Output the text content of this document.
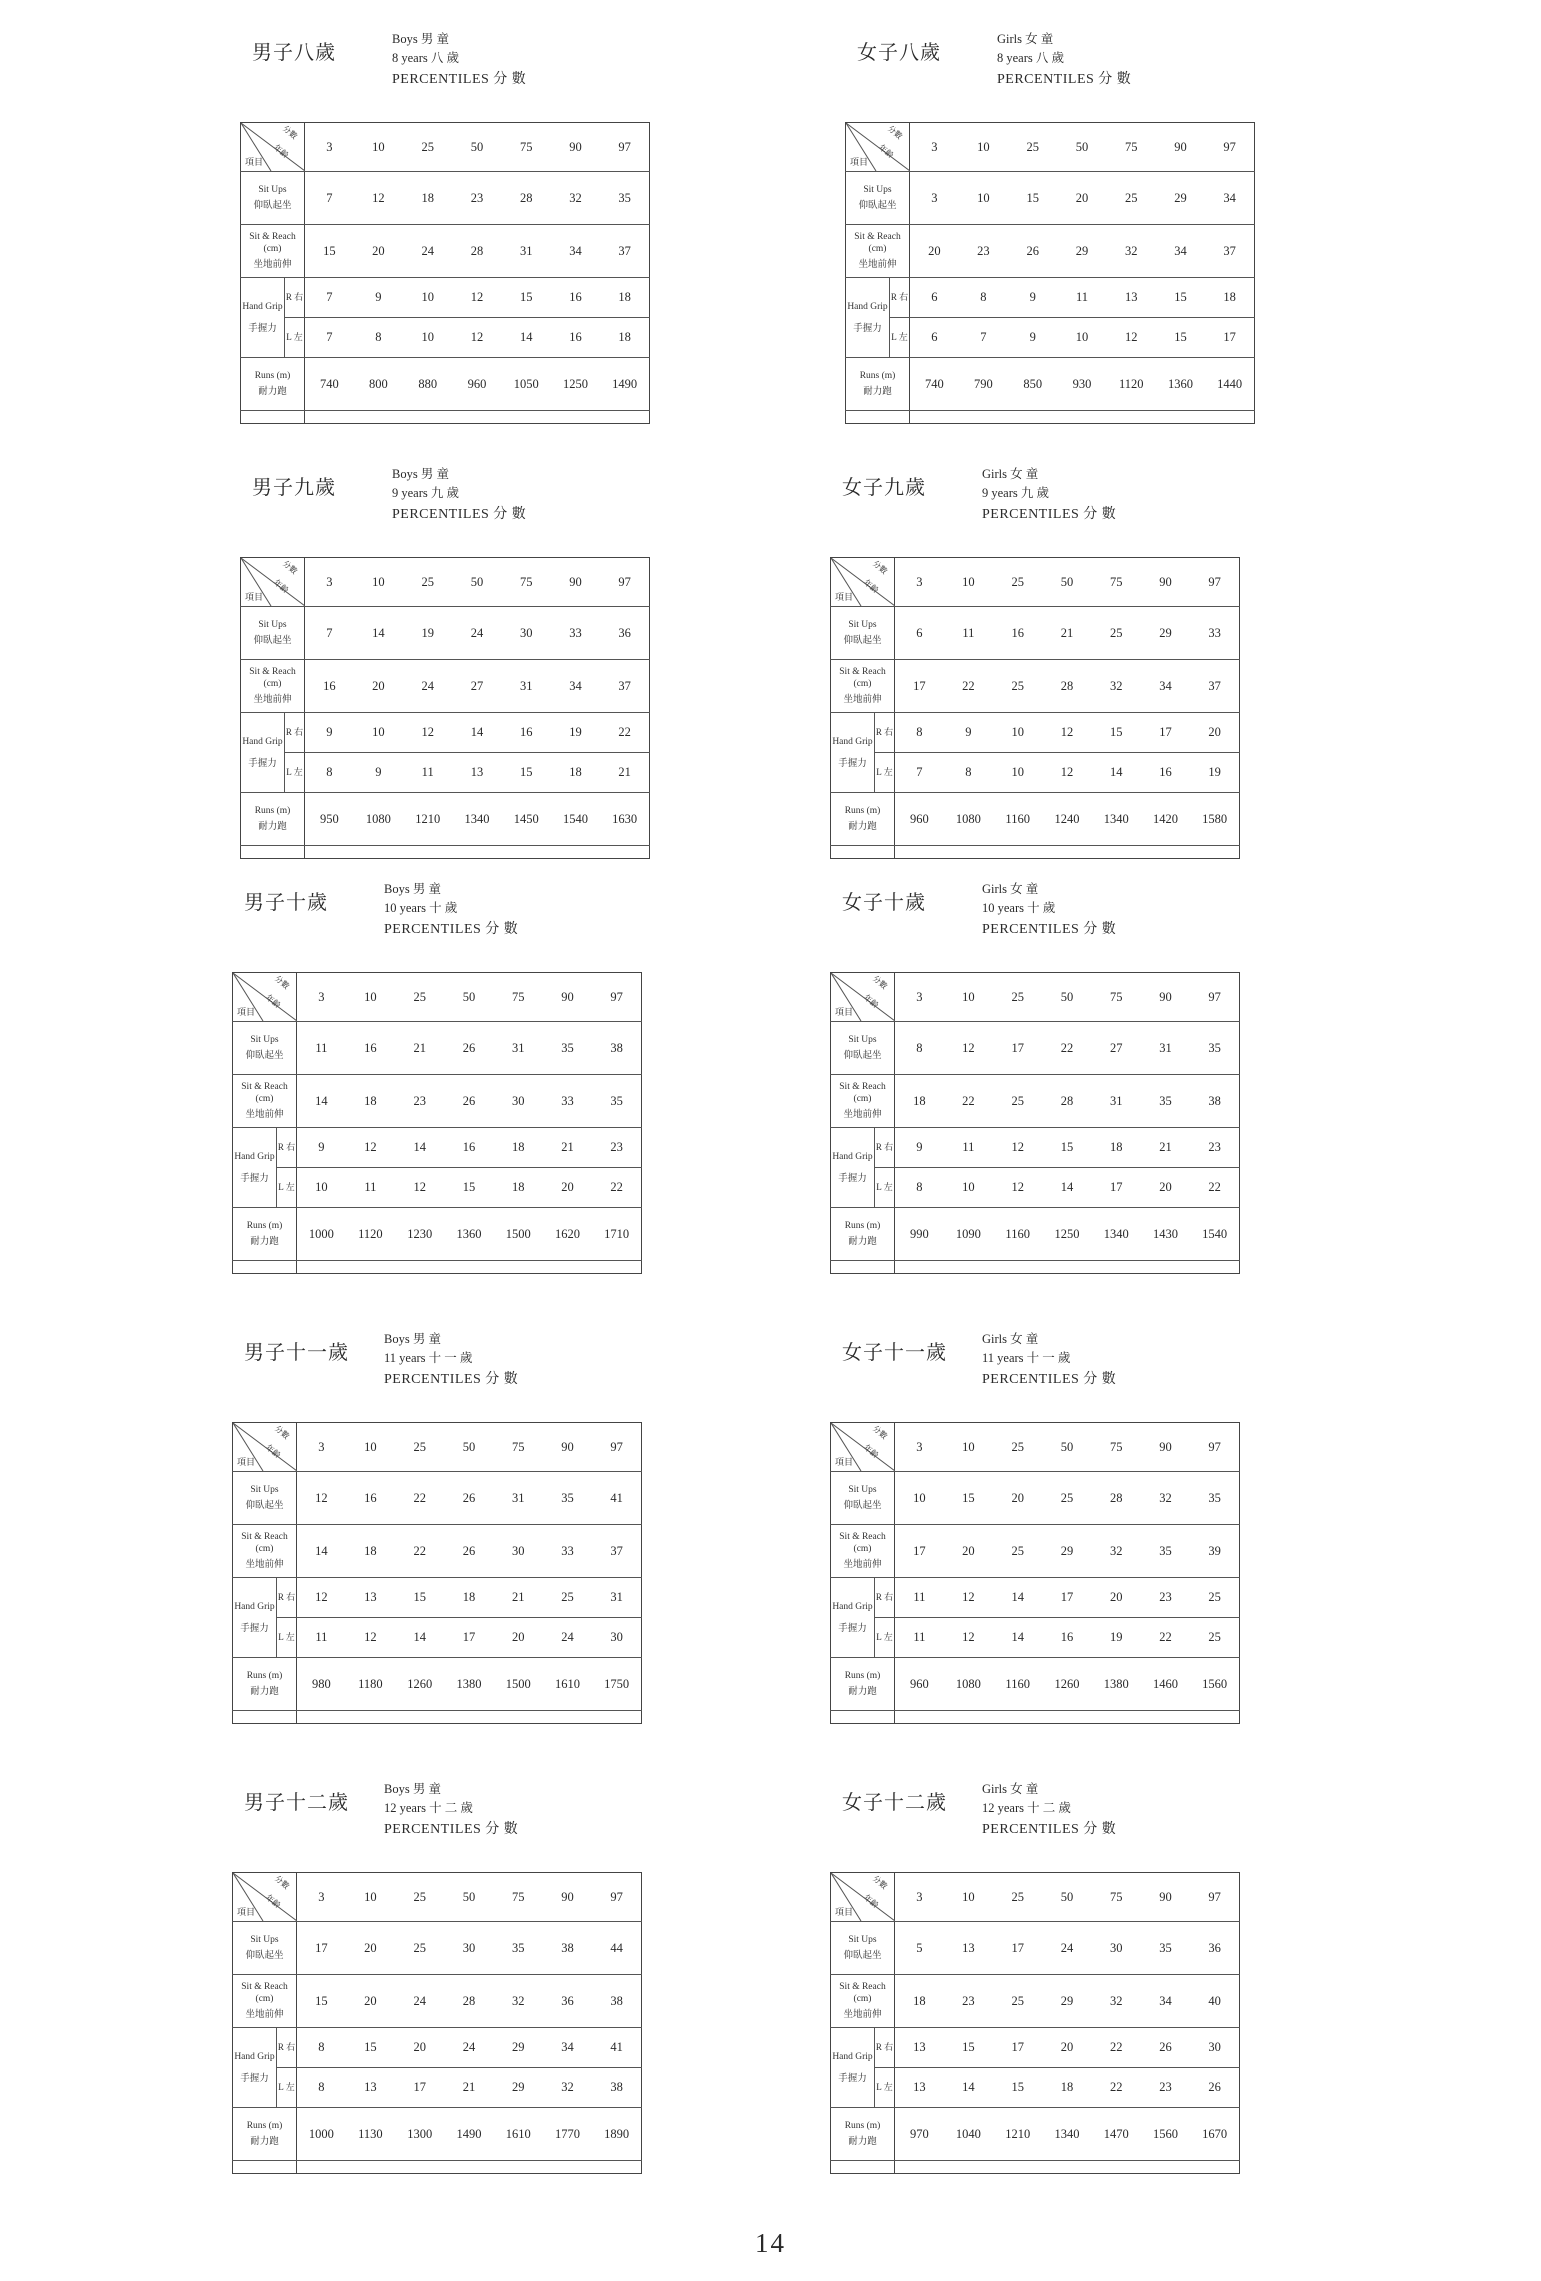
男子八歲
Boys 男 童
8 years 八 歲
PERCENTILES 分 數
分數
年齡
項目		3	10	25	50	75	90	97

Sit Ups
仰臥起坐		7	12	18	23	28	32	35

Sit & Reach (cm)
坐地前伸		15	20	24	28	31	34	37

Hand Grip
手握力	R 右	7	9	10	12	15	16	18
	L 左	7	8	10	12	14	16	18

Runs (m)
耐力跑		740	800	880	960	1050	1250	1490

女子八歲
Girls 女 童
8 years 八 歲
PERCENTILES 分 數
分數
年齡
項目		3	10	25	50	75	90	97

Sit Ups
仰臥起坐		3	10	15	20	25	29	34

Sit & Reach (cm)
坐地前伸		20	23	26	29	32	34	37

Hand Grip
手握力	R 右	6	8	9	11	13	15	18
	L 左	6	7	9	10	12	15	17

Runs (m)
耐力跑		740	790	850	930	1120	1360	1440

男子九歲
Boys 男 童
9 years 九 歲
PERCENTILES 分 數
分數
年齡
項目		3	10	25	50	75	90	97

Sit Ups
仰臥起坐		7	14	19	24	30	33	36

Sit & Reach (cm)
坐地前伸		16	20	24	27	31	34	37

Hand Grip
手握力	R 右	9	10	12	14	16	19	22
	L 左	8	9	11	13	15	18	21

Runs (m)
耐力跑		950	1080	1210	1340	1450	1540	1630

女子九歲
Girls 女 童
9 years 九 歲
PERCENTILES 分 數
分數
年齡
項目		3	10	25	50	75	90	97

Sit Ups
仰臥起坐		6	11	16	21	25	29	33

Sit & Reach (cm)
坐地前伸		17	22	25	28	32	34	37

Hand Grip
手握力	R 右	8	9	10	12	15	17	20
	L 左	7	8	10	12	14	16	19

Runs (m)
耐力跑		960	1080	1160	1240	1340	1420	1580

男子十歲
Boys 男 童
10 years 十 歲
PERCENTILES 分 數
分數
年齡
項目		3	10	25	50	75	90	97

Sit Ups
仰臥起坐		11	16	21	26	31	35	38

Sit & Reach (cm)
坐地前伸		14	18	23	26	30	33	35

Hand Grip
手握力	R 右	9	12	14	16	18	21	23
	L 左	10	11	12	15	18	20	22

Runs (m)
耐力跑		1000	1120	1230	1360	1500	1620	1710

女子十歲
Girls 女 童
10 years 十 歲
PERCENTILES 分 數
分數
年齡
項目		3	10	25	50	75	90	97

Sit Ups
仰臥起坐		8	12	17	22	27	31	35

Sit & Reach (cm)
坐地前伸		18	22	25	28	31	35	38

Hand Grip
手握力	R 右	9	11	12	15	18	21	23
	L 左	8	10	12	14	17	20	22

Runs (m)
耐力跑		990	1090	1160	1250	1340	1430	1540

男子十一歲
Boys 男 童
11 years 十 一 歲
PERCENTILES 分 數
分數
年齡
項目		3	10	25	50	75	90	97

Sit Ups
仰臥起坐		12	16	22	26	31	35	41

Sit & Reach (cm)
坐地前伸		14	18	22	26	30	33	37

Hand Grip
手握力	R 右	12	13	15	18	21	25	31
	L 左	11	12	14	17	20	24	30

Runs (m)
耐力跑		980	1180	1260	1380	1500	1610	1750

女子十一歲
Girls 女 童
11 years 十 一 歲
PERCENTILES 分 數
分數
年齡
項目		3	10	25	50	75	90	97

Sit Ups
仰臥起坐		10	15	20	25	28	32	35

Sit & Reach (cm)
坐地前伸		17	20	25	29	32	35	39

Hand Grip
手握力	R 右	11	12	14	17	20	23	25
	L 左	11	12	14	16	19	22	25

Runs (m)
耐力跑		960	1080	1160	1260	1380	1460	1560

男子十二歲
Boys 男 童
12 years 十 二 歲
PERCENTILES 分 數
分數
年齡
項目		3	10	25	50	75	90	97

Sit Ups
仰臥起坐		17	20	25	30	35	38	44

Sit & Reach (cm)
坐地前伸		15	20	24	28	32	36	38

Hand Grip
手握力	R 右	8	15	20	24	29	34	41
	L 左	8	13	17	21	29	32	38

Runs (m)
耐力跑		1000	1130	1300	1490	1610	1770	1890

女子十二歲
Girls 女 童
12 years 十 二 歲
PERCENTILES 分 數
分數
年齡
項目		3	10	25	50	75	90	97

Sit Ups
仰臥起坐		5	13	17	24	30	35	36

Sit & Reach (cm)
坐地前伸		18	23	25	29	32	34	40

Hand Grip
手握力	R 右	13	15	17	20	22	26	30
	L 左	13	14	15	18	22	23	26

Runs (m)
耐力跑		970	1040	1210	1340	1470	1560	1670

14
